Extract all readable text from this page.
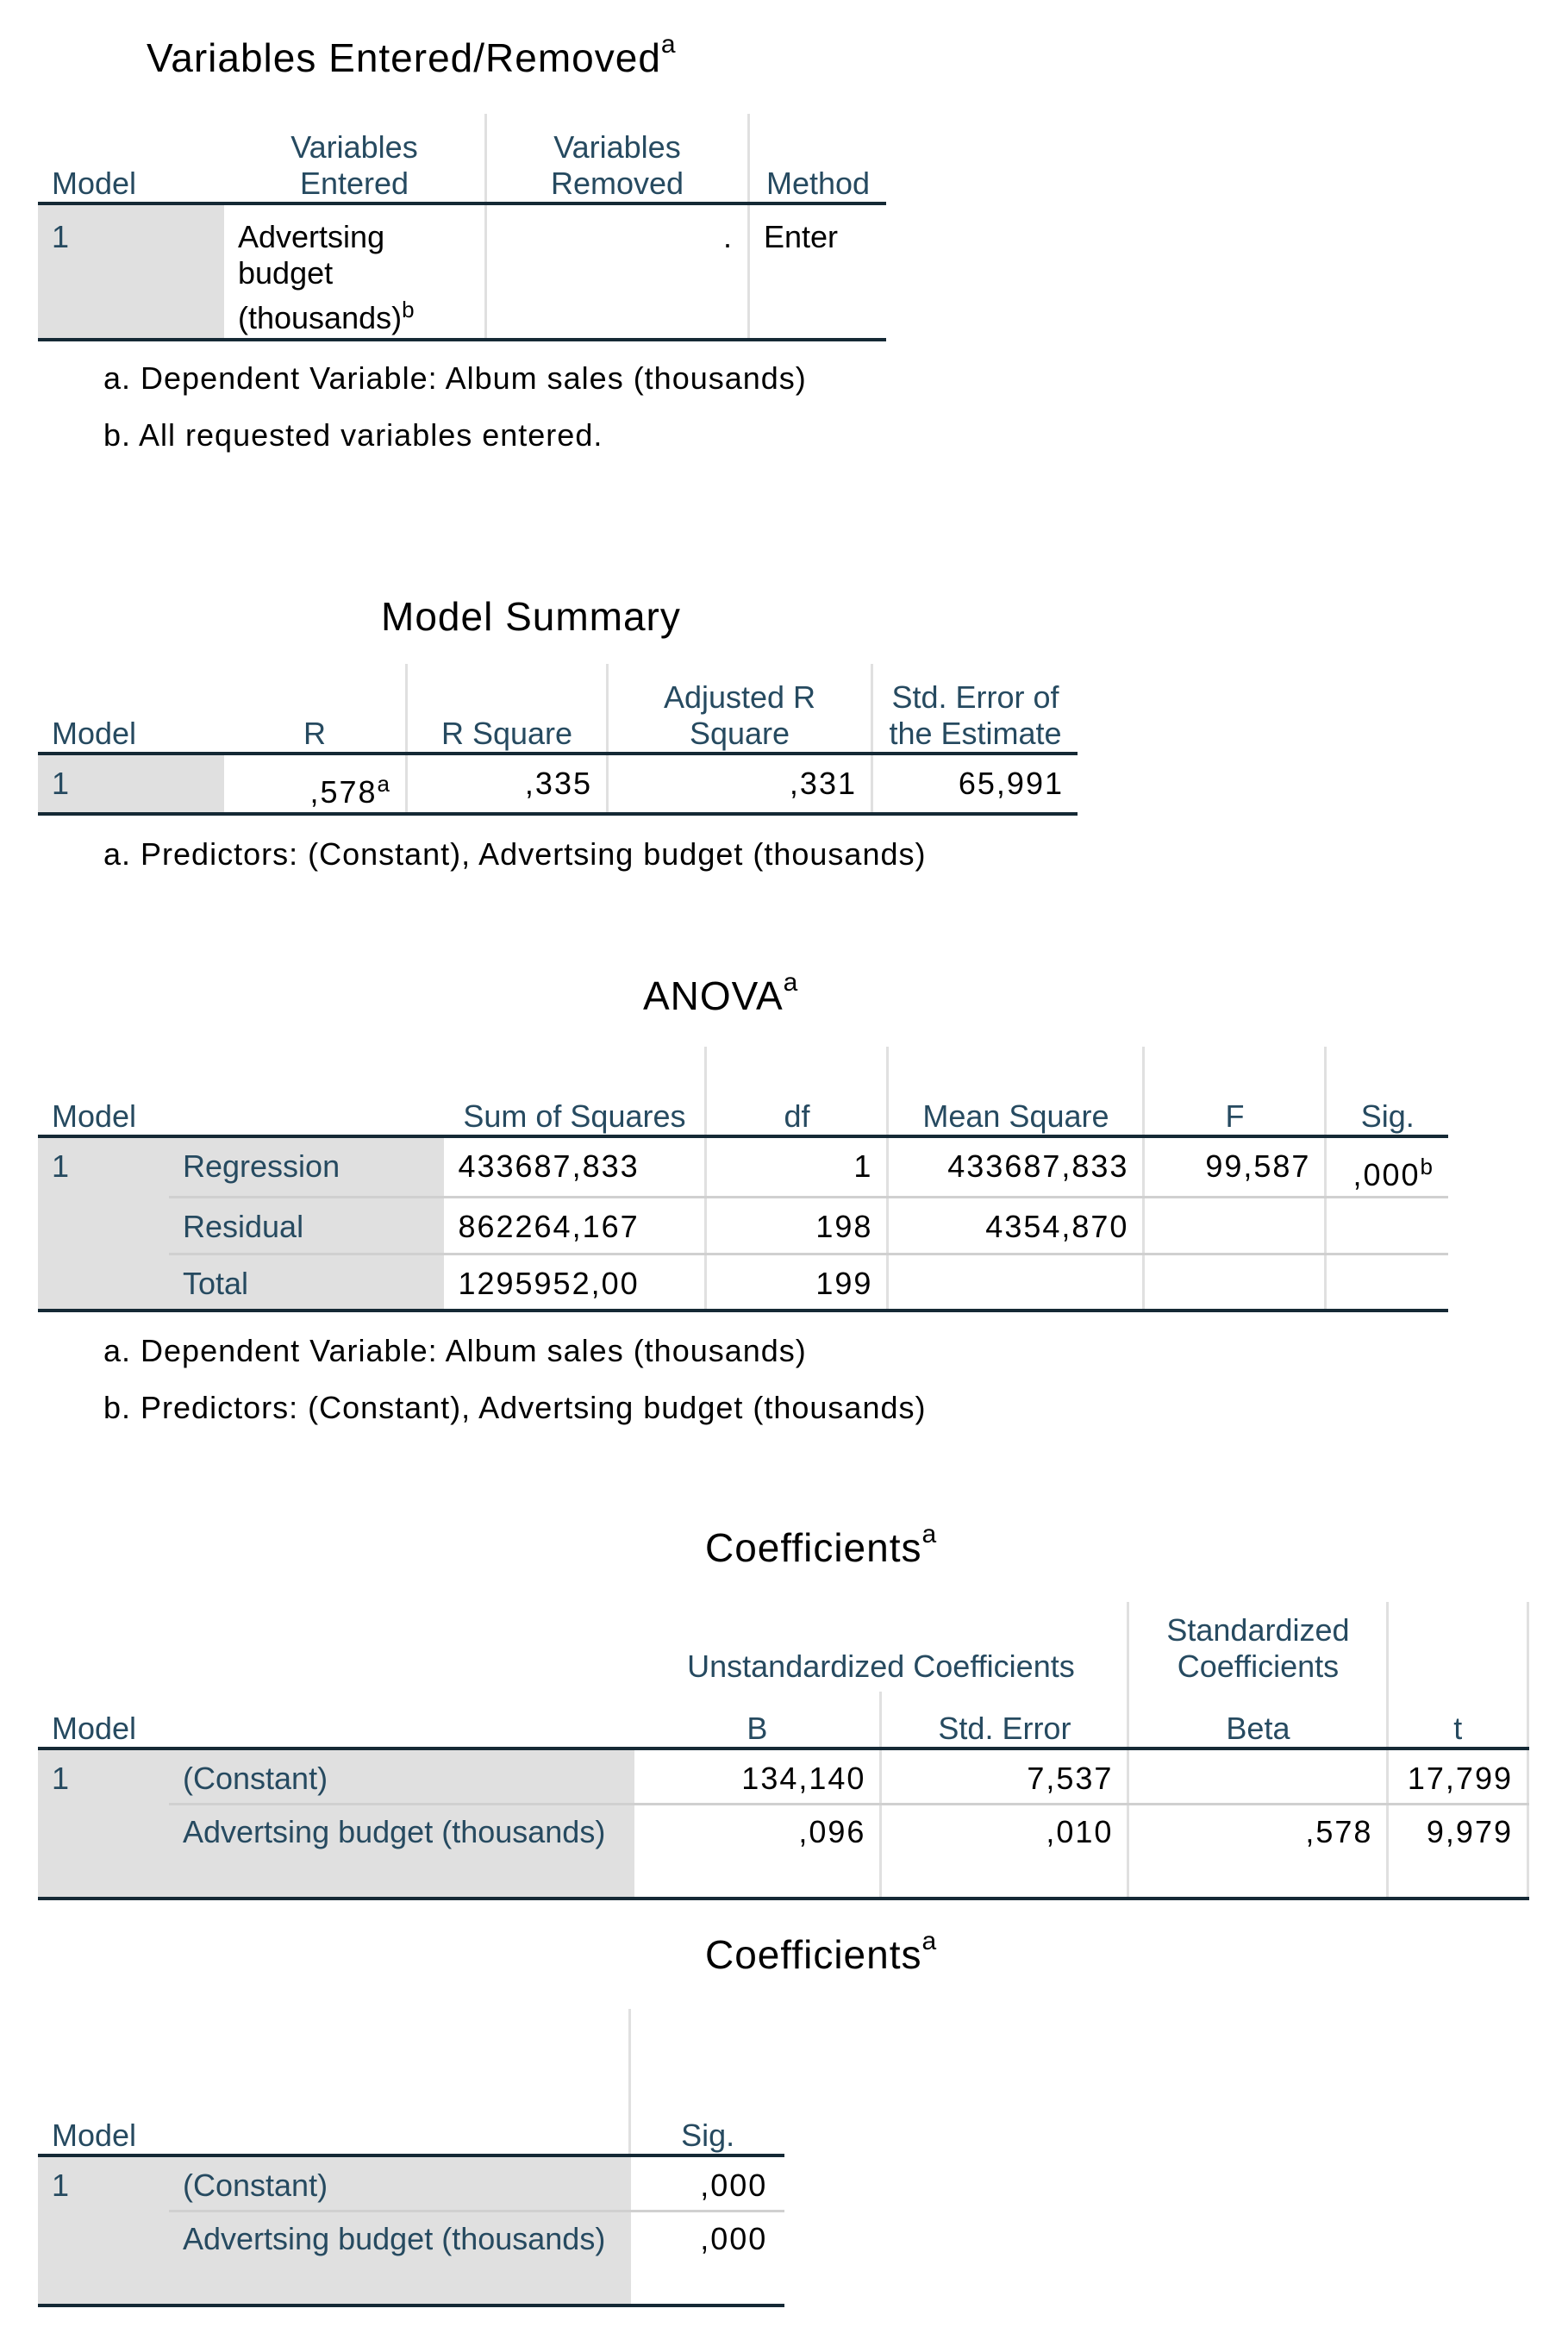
Variables Entered/Removed$^a$
Model	Variables Entered	Variables Removed	Method
1	Advertsing budget (thousands)$^b$	.	Enter
a. Dependent Variable: Album sales (thousands)
b. All requested variables entered.
Model Summary
Model	R	R Square	Adjusted R Square	Std. Error of the Estimate
1	,578$^a$	,335	,331	65,991
a. Predictors: (Constant), Advertsing budget (thousands)
ANOVA$^a$
Model		Sum of Squares	df	Mean Square	F	Sig.
1	Regression	433687,833	1	433687,833	99,587	,000$^b$
	Residual	862264,167	198	4354,870		
	Total	1295952,00	199			
a. Dependent Variable: Album sales (thousands)
b. Predictors: (Constant), Advertsing budget (thousands)
Coefficients$^a$
		Unstandardized Coefficients		Standardized Coefficients	
Model		B	Std. Error	Beta	t
1	(Constant)	134,140	7,537		17,799
	Advertsing budget (thousands)	,096	,010	,578	9,979
Coefficients$^a$
Model		Sig.
1	(Constant)	,000
	Advertsing budget (thousands)	,000
